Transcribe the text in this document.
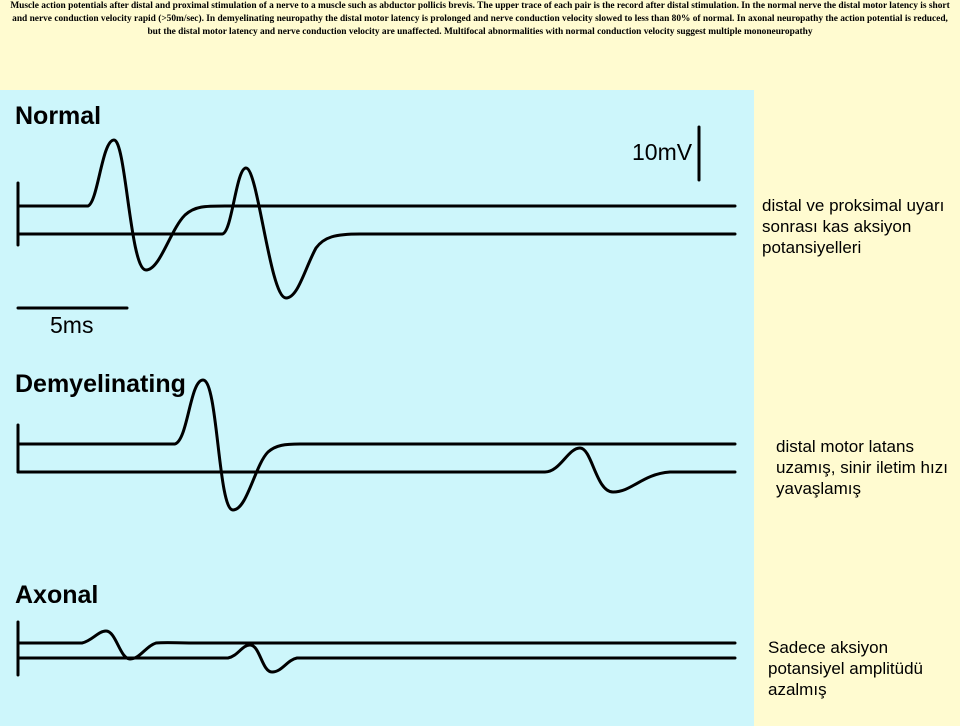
Muscle action potentials after distal and proximal stimulation of a nerve to a muscle such as abductor pollicis brevis. The upper trace of each pair is the record after distal stimulation. In the normal nerve the distal motor latency is short and nerve conduction velocity rapid (>50m/sec). In demyelinating neuropathy the distal motor latency is prolonged and nerve conduction velocity slowed to less than 80% of normal. In axonal neuropathy the action potential is reduced, but the distal motor latency and nerve conduction velocity are unaffected. Multifocal abnormalities with normal conduction velocity suggest multiple mononeuropathy

Normal
Demyelinating
Axonal
10mV
5ms

distal ve proksimal uyarı sonrası kas aksiyon potansiyelleri

distal motor latans uzamış, sinir iletim hızı yavaşlamış

Sadece aksiyon potansiyel amplitüdü azalmış
